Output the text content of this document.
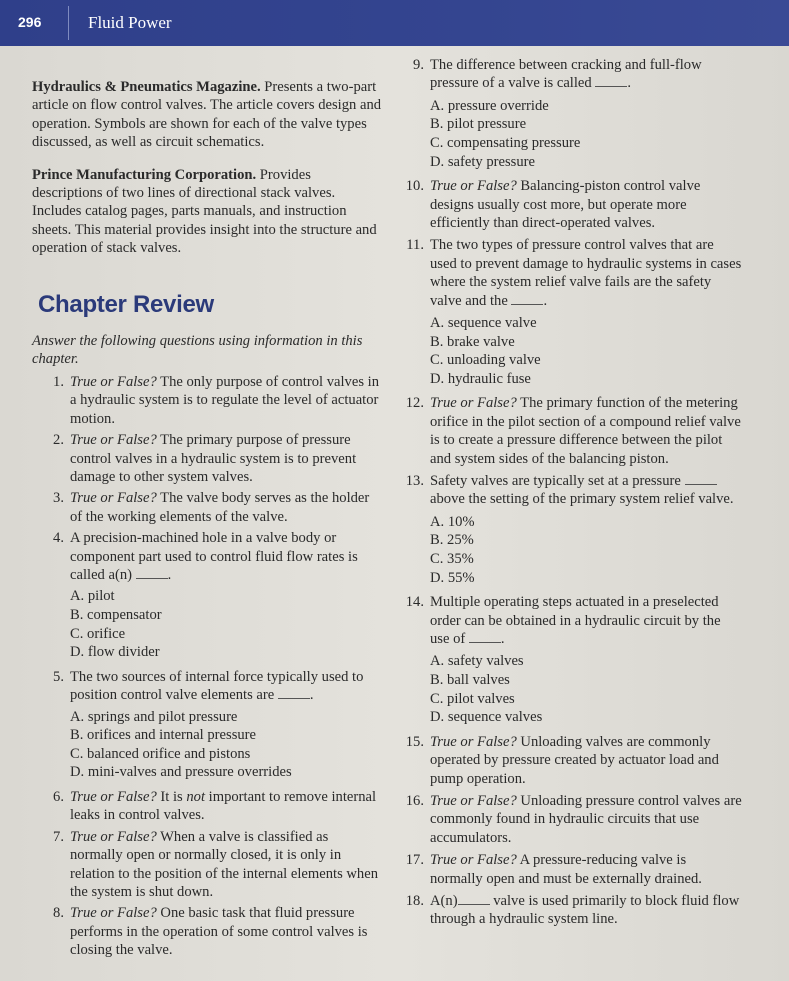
296	Fluid Power

Hydraulics & Pneumatics Magazine. Presents a two-part article on flow control valves. The article covers design and operation. Symbols are shown for each of the valve types discussed, as well as circuit schematics.

Prince Manufacturing Corporation. Provides descriptions of two lines of directional stack valves. Includes catalog pages, parts manuals, and instruction sheets. This material provides insight into the structure and operation of stack valves.

Chapter Review

Answer the following questions using information in this chapter.

1. True or False? The only purpose of control valves in a hydraulic system is to regulate the level of actuator motion.
2. True or False? The primary purpose of pressure control valves in a hydraulic system is to prevent damage to other system valves.
3. True or False? The valve body serves as the holder of the working elements of the valve.
4. A precision-machined hole in a valve body or component part used to control fluid flow rates is called a(n) .
A. pilot
B. compensator
C. orifice
D. flow divider
5. The two sources of internal force typically used to position control valve elements are .
A. springs and pilot pressure
B. orifices and internal pressure
C. balanced orifice and pistons
D. mini-valves and pressure overrides
6. True or False? It is not important to remove internal leaks in control valves.
7. True or False? When a valve is classified as normally open or normally closed, it is only in relation to the position of the internal elements when the system is shut down.
8. True or False? One basic task that fluid pressure performs in the operation of some control valves is closing the valve.
9. The difference between cracking and full-flow pressure of a valve is called .
A. pressure override
B. pilot pressure
C. compensating pressure
D. safety pressure
10. True or False? Balancing-piston control valve designs usually cost more, but operate more efficiently than direct-operated valves.
11. The two types of pressure control valves that are used to prevent damage to hydraulic systems in cases where the system relief valve fails are the safety valve and the .
A. sequence valve
B. brake valve
C. unloading valve
D. hydraulic fuse
12. True or False? The primary function of the metering orifice in the pilot section of a compound relief valve is to create a pressure difference between the pilot and system sides of the balancing piston.
13. Safety valves are typically set at a pressure  above the setting of the primary system relief valve.
A. 10%
B. 25%
C. 35%
D. 55%
14. Multiple operating steps actuated in a preselected order can be obtained in a hydraulic circuit by the use of .
A. safety valves
B. ball valves
C. pilot valves
D. sequence valves
15. True or False? Unloading valves are commonly operated by pressure created by actuator load and pump operation.
16. True or False? Unloading pressure control valves are commonly found in hydraulic circuits that use accumulators.
17. True or False? A pressure-reducing valve is normally open and must be externally drained.
18. A(n) valve is used primarily to block fluid flow through a hydraulic system line.
